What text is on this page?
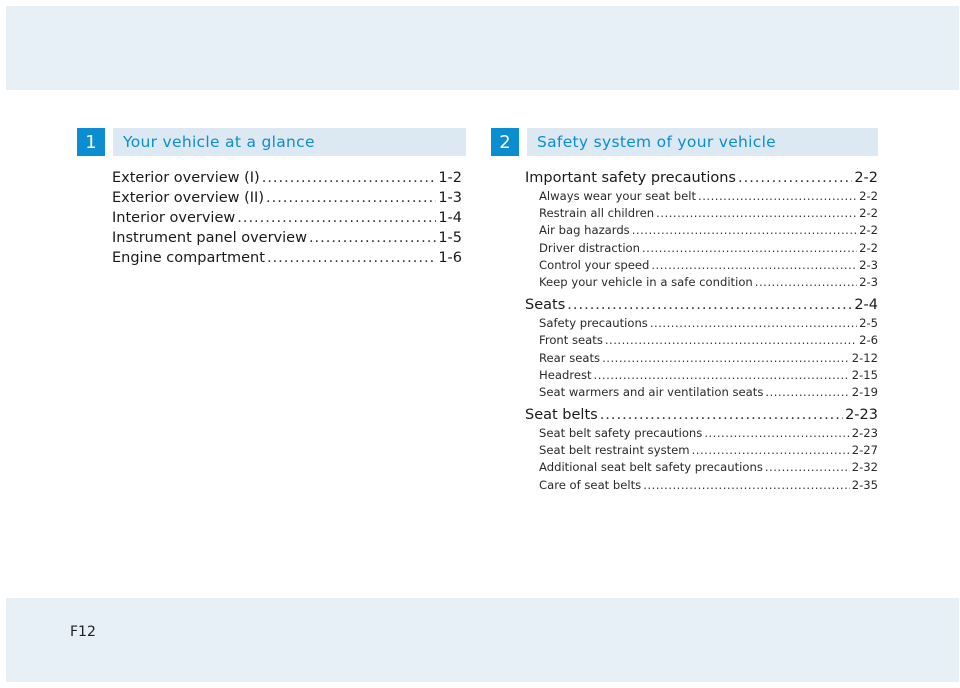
F12
1	Your vehicle at a glance
Exterior overview (I) .....	1-2
Exterior overview (II) .....	1-3
Interior overview .....	1-4
Instrument panel overview .....	1-5
Engine compartment .....	1-6
2	Safety system of your vehicle
Important safety precautions .....	2-2
Always wear your seat belt .....	2-2
Restrain all children .....	2-2
Air bag hazards .....	2-2
Driver distraction .....	2-2
Control your speed .....	2-3
Keep your vehicle in a safe condition .....	2-3
Seats .....	2-4
Safety precautions .....	2-5
Front seats .....	2-6
Rear seats .....	2-12
Headrest .....	2-15
Seat warmers and air ventilation seats .....	2-19
Seat belts .....	2-23
Seat belt safety precautions .....	2-23
Seat belt restraint system .....	2-27
Additional seat belt safety precautions .....	2-32
Care of seat belts .....	2-35
